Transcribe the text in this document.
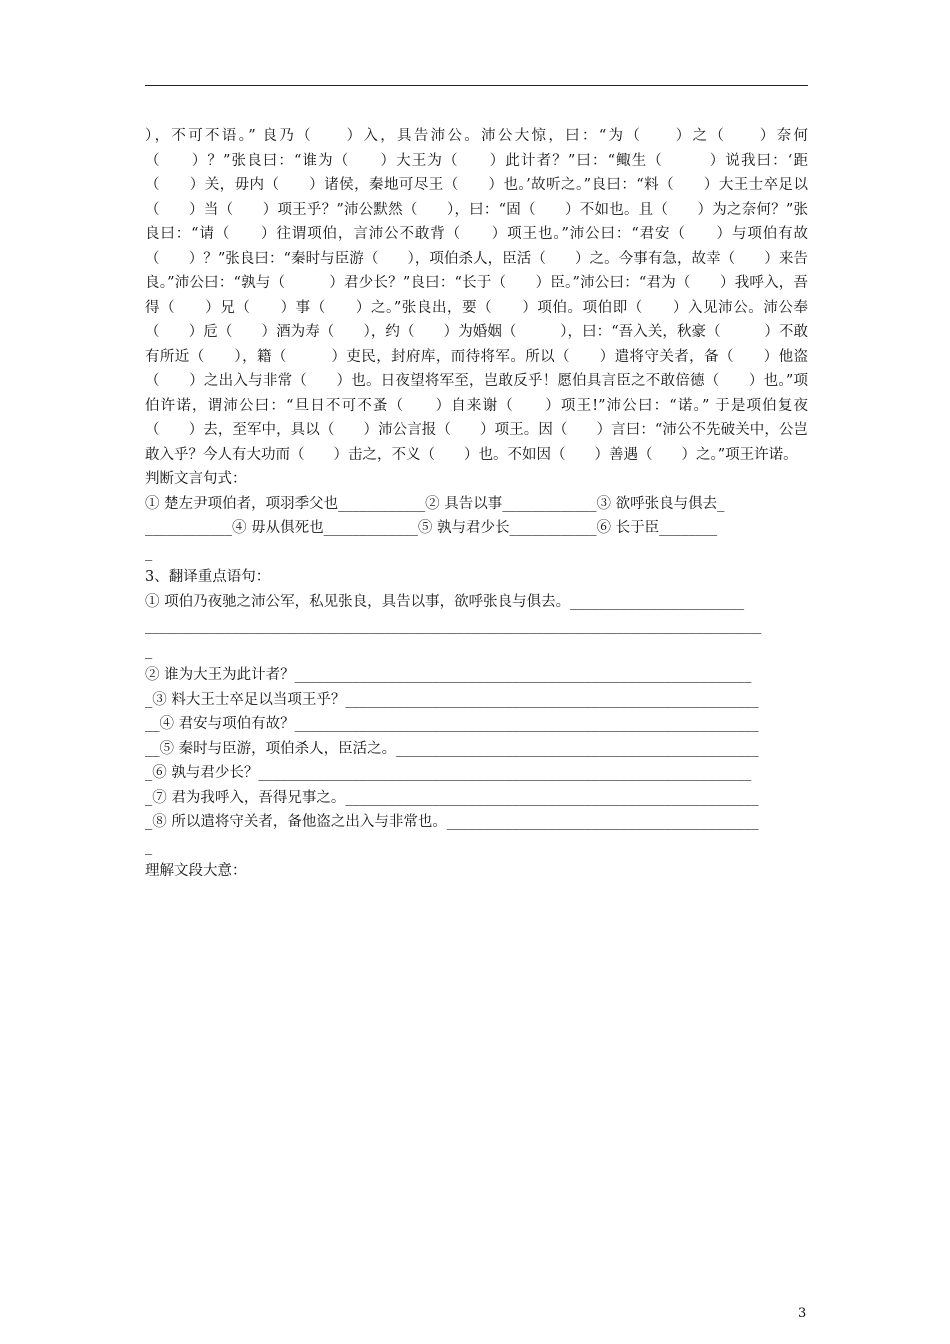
），不可不语。” 良乃（　　）入，具告沛公。沛公大惊，曰：“为（　　）之（　　）奈何（　　）？”张良曰：“谁为（　　）大王为（　　）此计者？”曰：“鲰生（　　　）说我曰：‘距（　　）关，毋内（　　）诸侯，秦地可尽王（　　）也。’故听之。”良曰：“料（　　）大王士卒足以（　　）当（　　）项王乎？”沛公默然（　　），曰：“固（　　）不如也。且（　　）为之奈何？”张良曰：“请（　　）往谓项伯，言沛公不敢背（　　）项王也。”沛公曰：“君安（　　）与项伯有故（　　）？”张良曰：“秦时与臣游（　　），项伯杀人，臣活（　　）之。今事有急，故幸（　　）来告良。”沛公曰：“孰与（　　　）君少长？”良曰：“长于（　　）臣。”沛公曰：“君为（　　）我呼入，吾得（　　）兄（　　）事（　　）之。”张良出，要（　　）项伯。项伯即（　　）入见沛公。沛公奉（　　）卮（　　）酒为寿（　　），约（　　）为婚姻（　　　），曰：“吾入关，秋豪（　　　）不敢有所近（　　），籍（　　　）吏民，封府库，而待将军。所以（　　）遣将守关者，备（　　）他盗（　　）之出入与非常（　　）也。日夜望将军至，岂敢反乎！愿伯具言臣之不敢倍德（　　）也。”项伯许诺，谓沛公曰：“旦日不可不蚤（　　）自来谢（　　）项王!”沛公曰：“诺。” 于是项伯复夜（　　）去，至军中，具以（　　）沛公言报（　　）项王。因（　　）言曰：“沛公不先破关中，公岂敢入乎？今人有大功而（　　）击之，不义（　　）也。不如因（　　）善遇（　　）之。”项王许诺。

判断文言句式：

① 楚左尹项伯者，项羽季父也____________② 具告以事_____________③ 欲呼张良与俱去_

____________④ 毋从俱死也_____________⑤ 孰与君少长____________⑥ 长于臣________

_

3、翻译重点语句：

① 项伯乃夜驰之沛公军，私见张良，具告以事，欲呼张良与俱去。________________________

_____________________________________________________________________________________

_

② 谁为大王为此计者？_______________________________________________________________

_③ 料大王士卒足以当项王乎？_________________________________________________________

__④ 君安与项伯有故？________________________________________________________________

__⑤ 秦时与臣游，项伯杀人，臣活之。__________________________________________________

_⑥ 孰与君少长？____________________________________________________________________

_⑦ 君为我呼入，吾得兄事之。_________________________________________________________

_⑧ 所以遣将守关者，备他盗之出入与非常也。___________________________________________

_

理解文段大意：

3
